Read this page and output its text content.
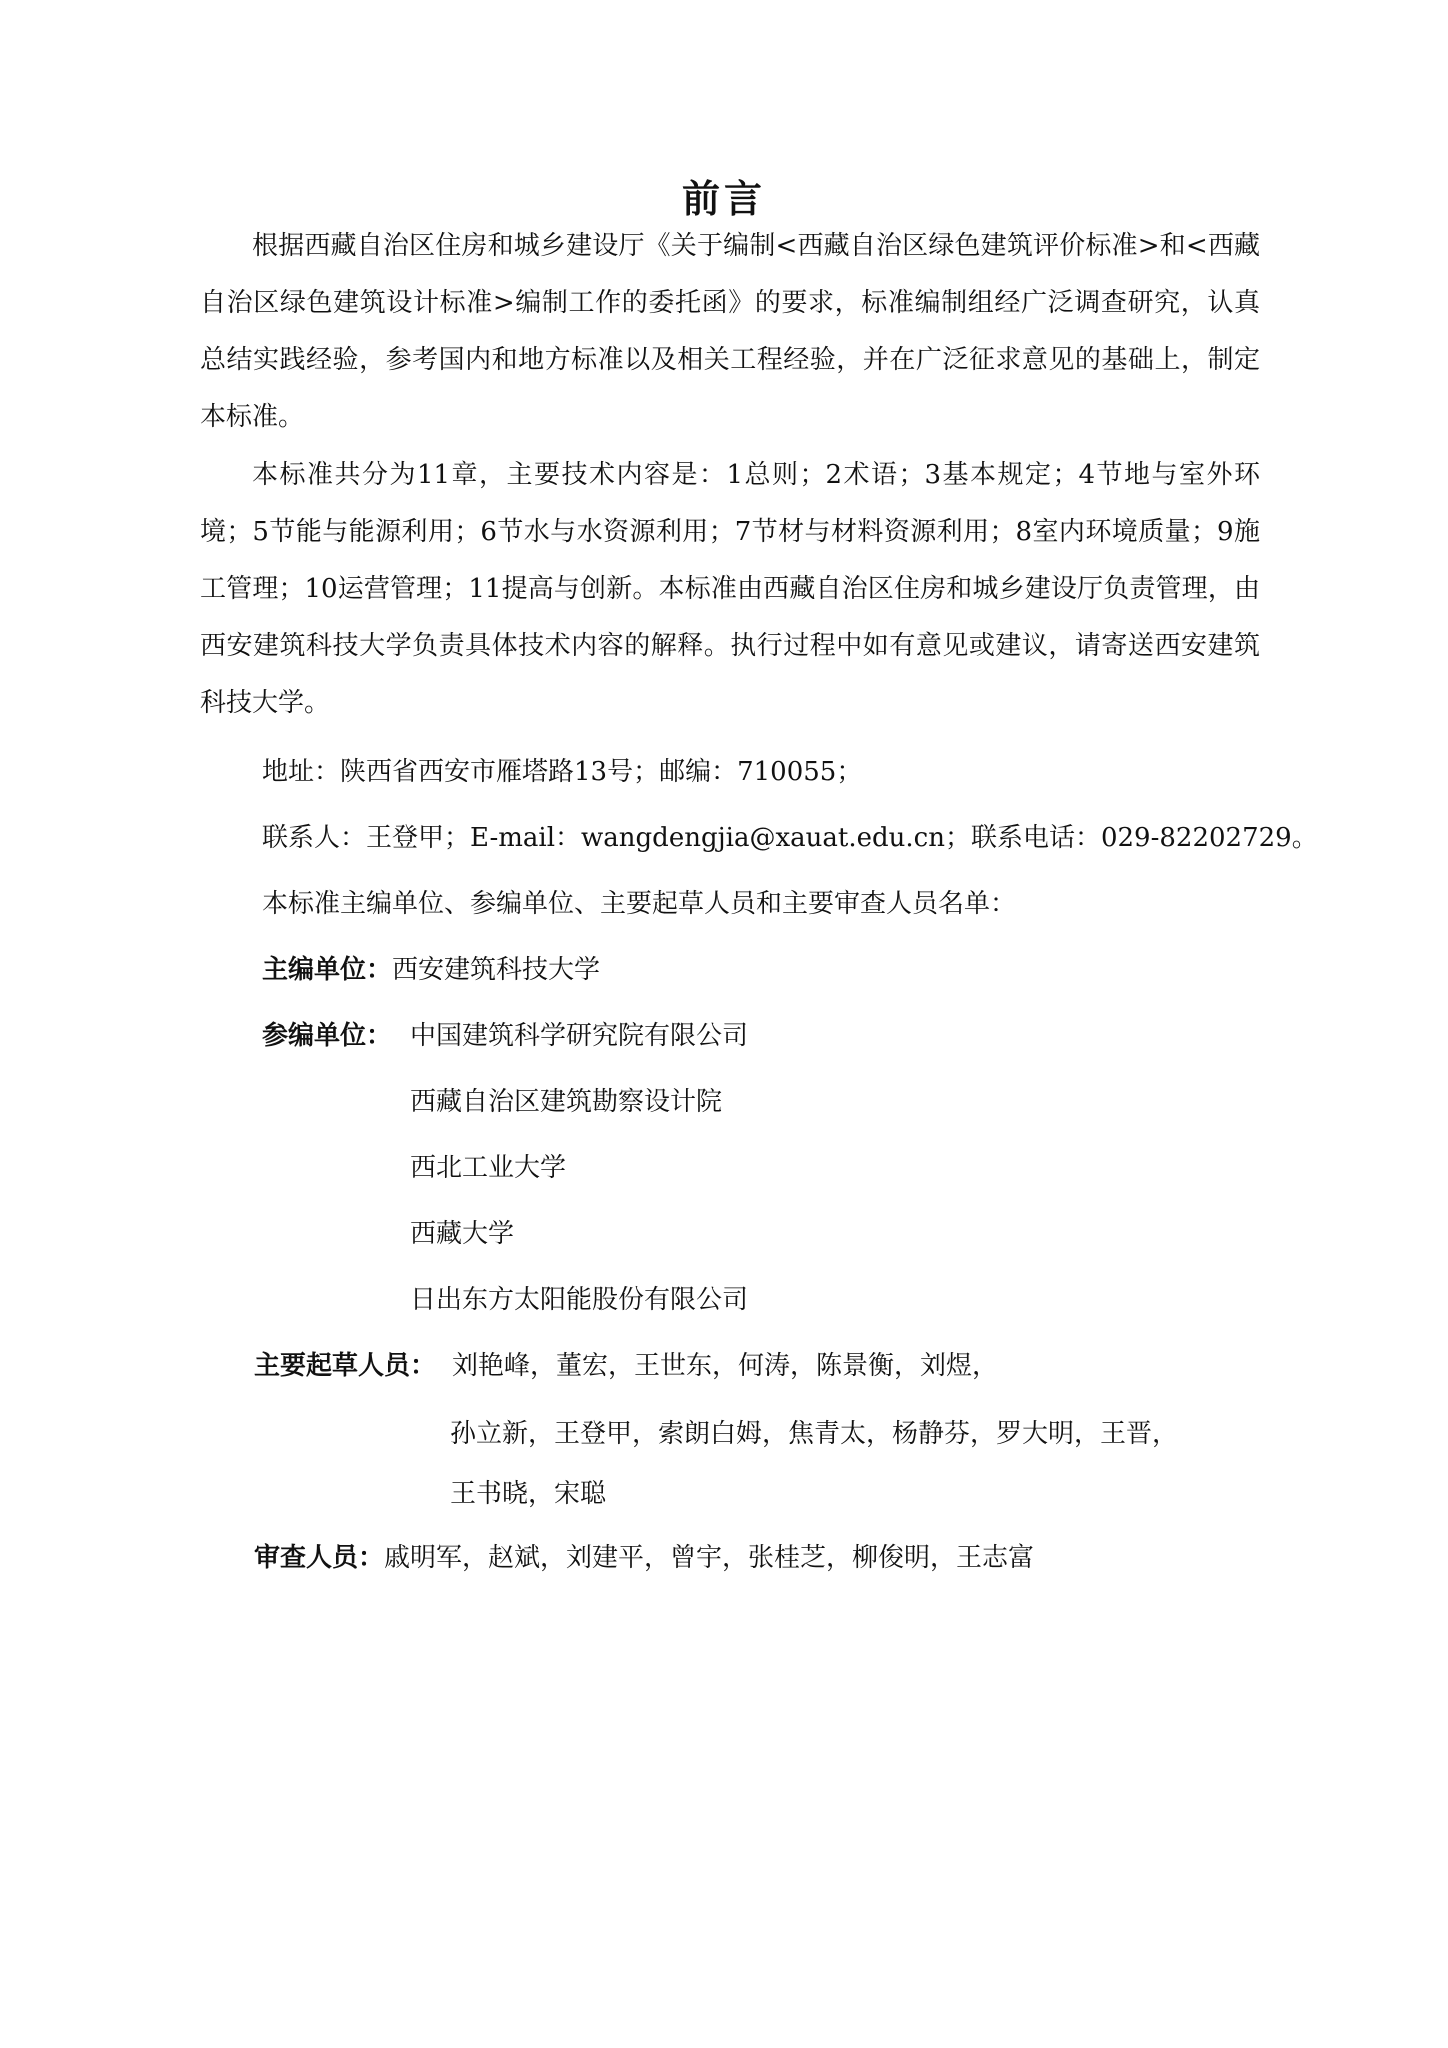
前言
根据西藏自治区住房和城乡建设厅《关于编制<西藏自治区绿色建筑评价标准>和<西藏自治区绿色建筑设计标准>编制工作的委托函》的要求，标准编制组经广泛调查研究，认真总结实践经验，参考国内和地方标准以及相关工程经验，并在广泛征求意见的基础上，制定本标准。
本标准共分为11章，主要技术内容是：1总则；2术语；3基本规定；4节地与室外环境；5节能与能源利用；6节水与水资源利用；7节材与材料资源利用；8室内环境质量；9施工管理；10运营管理；11提高与创新。本标准由西藏自治区住房和城乡建设厅负责管理，由西安建筑科技大学负责具体技术内容的解释。执行过程中如有意见或建议，请寄送西安建筑科技大学。
地址：陕西省西安市雁塔路13号；邮编：710055；
联系人：王登甲；E-mail：wangdengjia@xauat.edu.cn；联系电话：029-82202729。
本标准主编单位、参编单位、主要起草人员和主要审查人员名单：
主编单位：西安建筑科技大学
参编单位： 中国建筑科学研究院有限公司
西藏自治区建筑勘察设计院
西北工业大学
西藏大学
日出东方太阳能股份有限公司
主要起草人员： 刘艳峰，董宏，王世东，何涛，陈景衡，刘煜，
孙立新，王登甲，索朗白姆，焦青太，杨静芬，罗大明，王晋，
王书晓，宋聪
审查人员：戚明军，赵斌，刘建平，曾宇，张桂芝，柳俊明，王志富
